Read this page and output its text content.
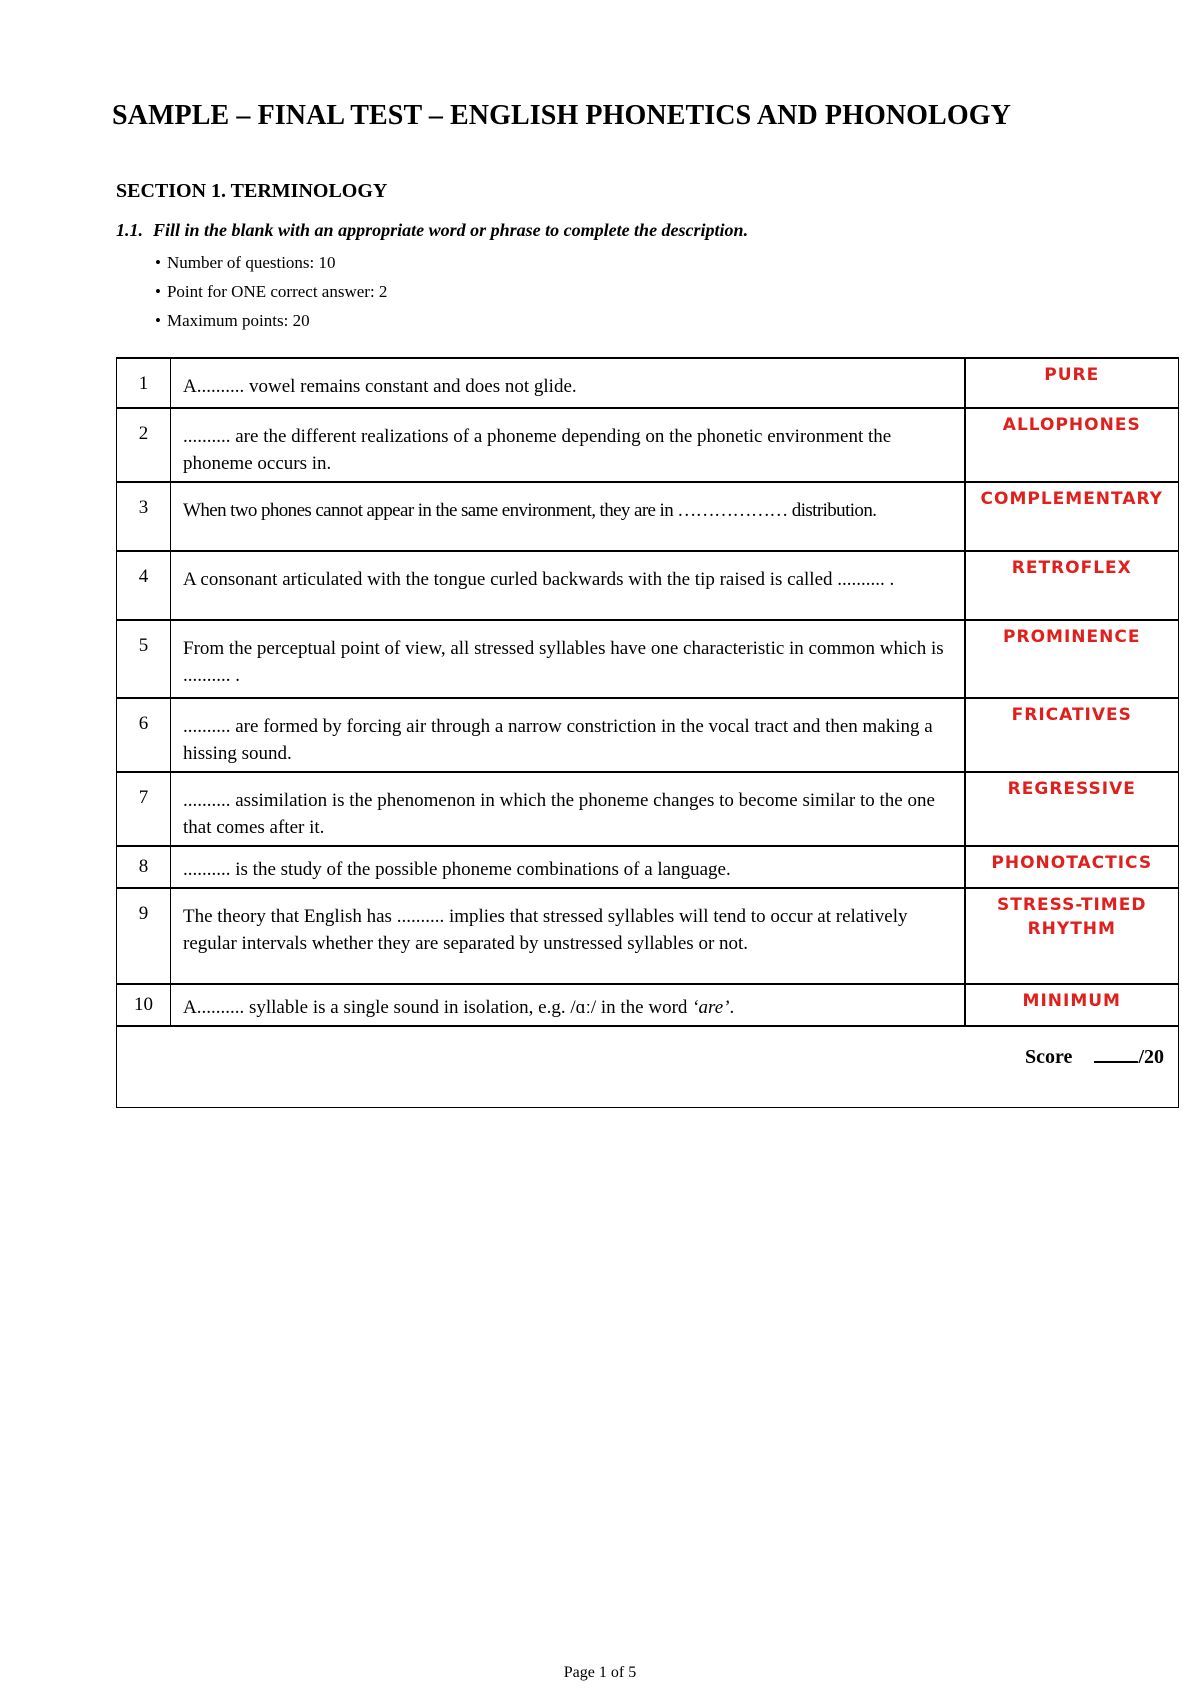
SAMPLE – FINAL TEST – ENGLISH PHONETICS AND PHONOLOGY
SECTION 1. TERMINOLOGY
1.1. Fill in the blank with an appropriate word or phrase to complete the description.
• Number of questions: 10
• Point for ONE correct answer: 2
• Maximum points: 20
1	A.......... vowel remains constant and does not glide.	PURE
2	.......... are the different realizations of a phoneme depending on the phonetic environment the phoneme occurs in.	ALLOPHONES
3	When two phones cannot appear in the same environment, they are in ……………… distribution.	COMPLEMENTARY
4	A consonant articulated with the tongue curled backwards with the tip raised is called .......... .	RETROFLEX
5	From the perceptual point of view, all stressed syllables have one characteristic in common which is .......... .	PROMINENCE
6	.......... are formed by forcing air through a narrow constriction in the vocal tract and then making a hissing sound.	FRICATIVES
7	.......... assimilation is the phenomenon in which the phoneme changes to become similar to the one that comes after it.	REGRESSIVE
8	.......... is the study of the possible phoneme combinations of a language.	PHONOTACTICS
9	The theory that English has .......... implies that stressed syllables will tend to occur at relatively regular intervals whether they are separated by unstressed syllables or not.	STRESS-TIMED RHYTHM
10	A.......... syllable is a single sound in isolation, e.g. /ɑː/ in the word ‘are’.	MINIMUM
Score /20		
Page 1 of 5
